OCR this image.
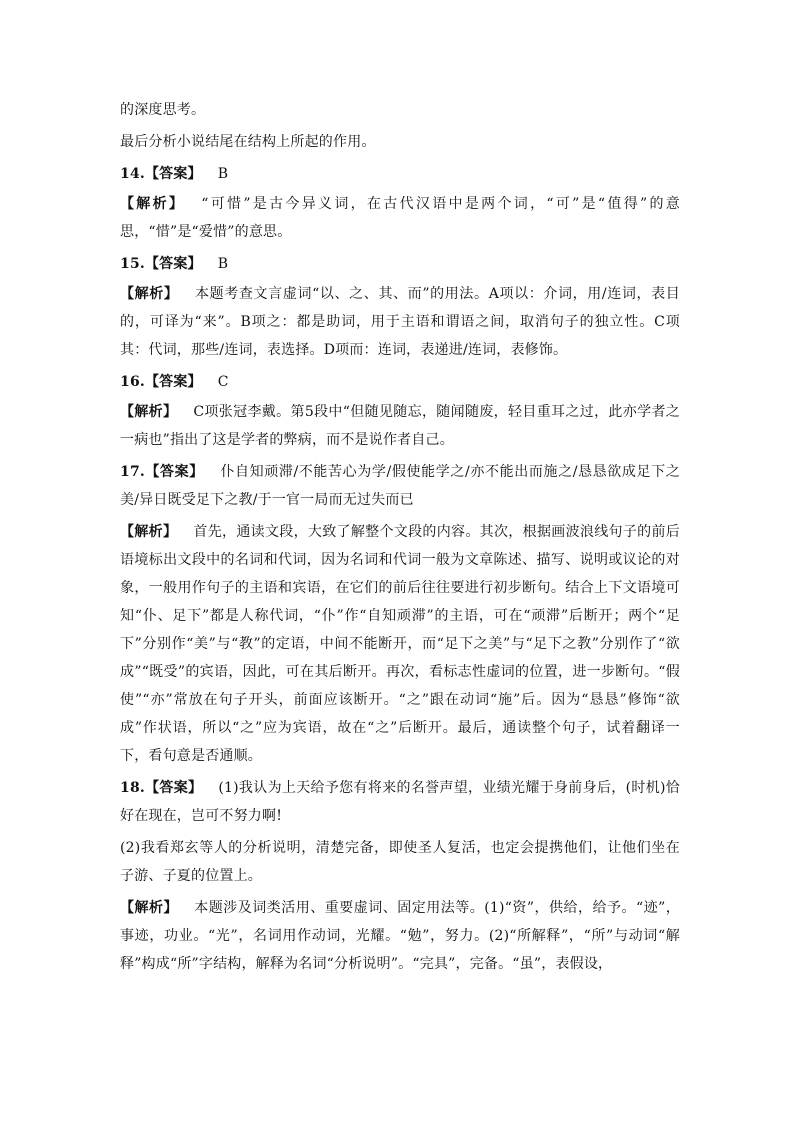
的深度思考。

最后分析小说结尾在结构上所起的作用。

14.【答案】 B

【解析】 “可惜”是古今异义词，在古代汉语中是两个词，“可”是“值得”的意思，“惜”是“爱惜”的意思。

15.【答案】 B

【解析】 本题考查文言虚词“以、之、其、而”的用法。A项以：介词，用/连词，表目的，可译为“来”。B项之：都是助词，用于主语和谓语之间，取消句子的独立性。C项其：代词，那些/连词，表选择。D项而：连词，表递进/连词，表修饰。

16.【答案】 C

【解析】 C项张冠李戴。第5段中“但随见随忘，随闻随废，轻目重耳之过，此亦学者之一病也”指出了这是学者的弊病，而不是说作者自己。

17.【答案】 仆自知顽滞/不能苦心为学/假使能学之/亦不能出而施之/恳恳欲成足下之美/异日既受足下之教/于一官一局而无过失而已

【解析】 首先，通读文段，大致了解整个文段的内容。其次，根据画波浪线句子的前后语境标出文段中的名词和代词，因为名词和代词一般为文章陈述、描写、说明或议论的对象，一般用作句子的主语和宾语，在它们的前后往往要进行初步断句。结合上下文语境可知“仆、足下”都是人称代词，“仆”作“自知顽滞”的主语，可在“顽滞”后断开；两个“足下”分别作“美”与“教”的定语，中间不能断开，而“足下之美”与“足下之教”分别作了“欲成”“既受”的宾语，因此，可在其后断开。再次，看标志性虚词的位置，进一步断句。“假使”“亦”常放在句子开头，前面应该断开。“之”跟在动词“施”后。因为“恳恳”修饰“欲成”作状语，所以“之”应为宾语，故在“之”后断开。最后，通读整个句子，试着翻译一下，看句意是否通顺。

18.【答案】 (1)我认为上天给予您有将来的名誉声望，业绩光耀于身前身后，(时机)恰好在现在，岂可不努力啊!

(2)我看郑玄等人的分析说明，清楚完备，即使圣人复活，也定会提携他们，让他们坐在子游、子夏的位置上。

【解析】 本题涉及词类活用、重要虚词、固定用法等。(1)“资”，供给，给予。“迹”，事迹，功业。“光”，名词用作动词，光耀。“勉”，努力。(2)“所解释”，“所”与动词“解释”构成“所”字结构，解释为名词“分析说明”。“完具”，完备。“虽”，表假设，
